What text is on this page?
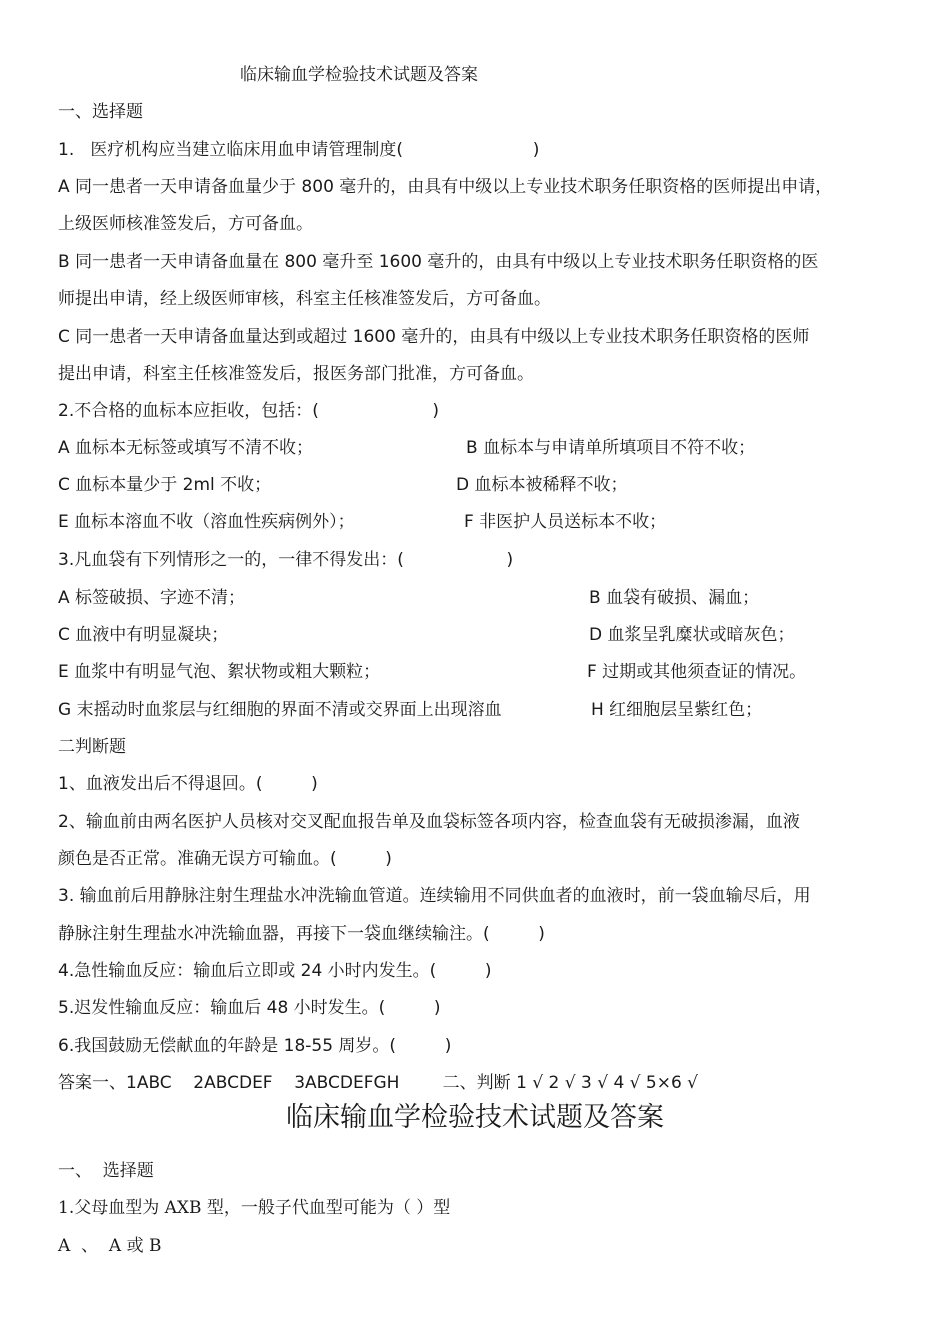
临床输血学检验技术试题及答案
一、选择题
1.   医疗机构应当建立临床用血申请管理制度(                        )
A 同一患者一天申请备血量少于 800 毫升的，由具有中级以上专业技术职务任职资格的医师提出申请，
上级医师核准签发后，方可备血。
B 同一患者一天申请备血量在 800 毫升至 1600 毫升的，由具有中级以上专业技术职务任职资格的医
师提出申请，经上级医师审核，科室主任核准签发后，方可备血。
C 同一患者一天申请备血量达到或超过 1600 毫升的，由具有中级以上专业技术职务任职资格的医师
提出申请，科室主任核准签发后，报医务部门批准，方可备血。
2.不合格的血标本应拒收，包括：(                     )
A 血标本无标签或填写不清不收；	B 血标本与申请单所填项目不符不收；
C 血标本量少于 2ml 不收；	D 血标本被稀释不收；
E 血标本溶血不收（溶血性疾病例外）；	F 非医护人员送标本不收；
3.凡血袋有下列情形之一的，一律不得发出：(                   )
A 标签破损、字迹不清；	B 血袋有破损、漏血；
C 血液中有明显凝块；	D 血浆呈乳糜状或暗灰色；
E 血浆中有明显气泡、絮状物或粗大颗粒；	F 过期或其他须查证的情况。
G 末摇动时血浆层与红细胞的界面不清或交界面上出现溶血	H 红细胞层呈紫红色；
二判断题
1、血液发出后不得退回。(         )
2、输血前由两名医护人员核对交叉配血报告单及血袋标签各项内容，检查血袋有无破损渗漏，血液
颜色是否正常。准确无误方可输血。(         )
3. 输血前后用静脉注射生理盐水冲洗输血管道。连续输用不同供血者的血液时，前一袋血输尽后，用
静脉注射生理盐水冲洗输血器，再接下一袋血继续输注。(         )
4.急性输血反应：输血后立即或 24 小时内发生。(         )
5.迟发性输血反应：输血后 48 小时发生。(         )
6.我国鼓励无偿献血的年龄是 18-55 周岁。(         )
答案一、1ABC    2ABCDEF    3ABCDEFGH        二、判断 1 √ 2 √ 3 √ 4 √ 5×6 √
临床输血学检验技术试题及答案
一、  选择题
1.父母血型为 AXB 型，一般子代血型可能为（ ）型
A  、  A 或 B
